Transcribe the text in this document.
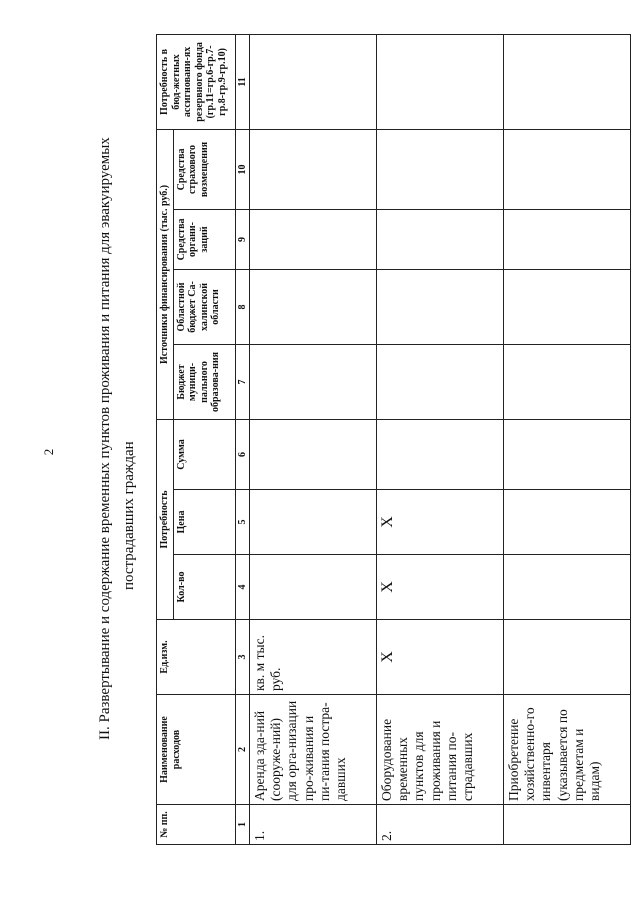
2	II. Развертывание и содержание временных пунктов проживания и питания для эвакуируемых пострадавших граждан
№ пп.	Наименование расходов	Ед.изм.	Потребность			Источники финансирования (тыс. руб.)				Потребность в бюд-жетных ассигновани-ях резервного фонда (гр.11=гр.6-гр.7-гр.8-гр.9-гр.10)
			Кол-во	Цена	Сумма	Бюджет муници-пального образова-ния	Областной бюджет Са-халинской области	Средства органи-заций	Средства страхового возмещения	
1	2	3	4	5	6	7	8	9	10	11
1.	Аренда зда-ний (сооруже-ний) для орга-низации про-живания и пи-тания постра-давших	кв. м тыс. руб.								
2.	Оборудование временных пунктов для проживания и питания по-страдавших	X	X	X						
	Приобретение хозяйственно-го инвентаря (указывается по предметам и видам)									
